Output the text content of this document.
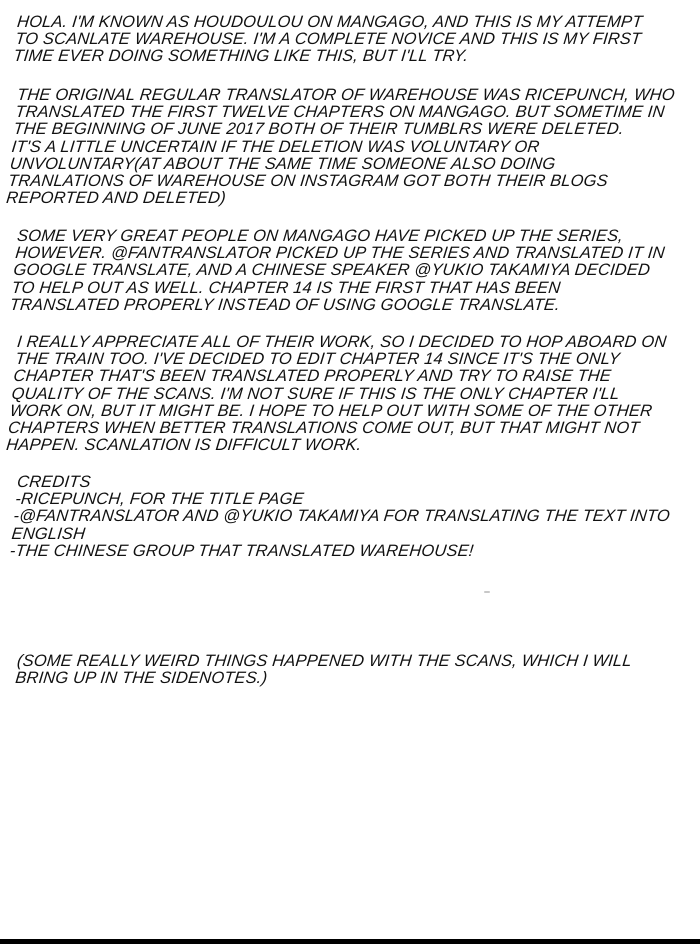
HOLA. I'M KNOWN AS HOUDOULOU ON MANGAGO, AND THIS IS MY ATTEMPT
TO SCANLATE WAREHOUSE. I'M A COMPLETE NOVICE AND THIS IS MY FIRST
TIME EVER DOING SOMETHING LIKE THIS, BUT I'LL TRY.

THE ORIGINAL REGULAR TRANSLATOR OF WAREHOUSE WAS RICEPUNCH, WHO
TRANSLATED THE FIRST TWELVE CHAPTERS ON MANGAGO. BUT SOMETIME IN
THE BEGINNING OF JUNE 2017 BOTH OF THEIR TUMBLRS WERE DELETED.
IT'S A LITTLE UNCERTAIN IF THE DELETION WAS VOLUNTARY OR
UNVOLUNTARY(AT ABOUT THE SAME TIME SOMEONE ALSO DOING
TRANLATIONS OF WAREHOUSE ON INSTAGRAM GOT BOTH THEIR BLOGS
REPORTED AND DELETED)

SOME VERY GREAT PEOPLE ON MANGAGO HAVE PICKED UP THE SERIES,
HOWEVER. @FANTRANSLATOR PICKED UP THE SERIES AND TRANSLATED IT IN
GOOGLE TRANSLATE, AND A CHINESE SPEAKER @YUKIO TAKAMIYA DECIDED
TO HELP OUT AS WELL. CHAPTER 14 IS THE FIRST THAT HAS BEEN
TRANSLATED PROPERLY INSTEAD OF USING GOOGLE TRANSLATE.

I REALLY APPRECIATE ALL OF THEIR WORK, SO I DECIDED TO HOP ABOARD ON
THE TRAIN TOO. I'VE DECIDED TO EDIT CHAPTER 14 SINCE IT'S THE ONLY
CHAPTER THAT'S BEEN TRANSLATED PROPERLY AND TRY TO RAISE THE
QUALITY OF THE SCANS. I'M NOT SURE IF THIS IS THE ONLY CHAPTER I'LL
WORK ON, BUT IT MIGHT BE. I HOPE TO HELP OUT WITH SOME OF THE OTHER
CHAPTERS WHEN BETTER TRANSLATIONS COME OUT, BUT THAT MIGHT NOT
HAPPEN. SCANLATION IS DIFFICULT WORK.

CREDITS
-RICEPUNCH, FOR THE TITLE PAGE
-@FANTRANSLATOR AND @YUKIO TAKAMIYA FOR TRANSLATING THE TEXT INTO
ENGLISH
-THE CHINESE GROUP THAT TRANSLATED WAREHOUSE!

(SOME REALLY WEIRD THINGS HAPPENED WITH THE SCANS, WHICH I WILL
BRING UP IN THE SIDENOTES.)
